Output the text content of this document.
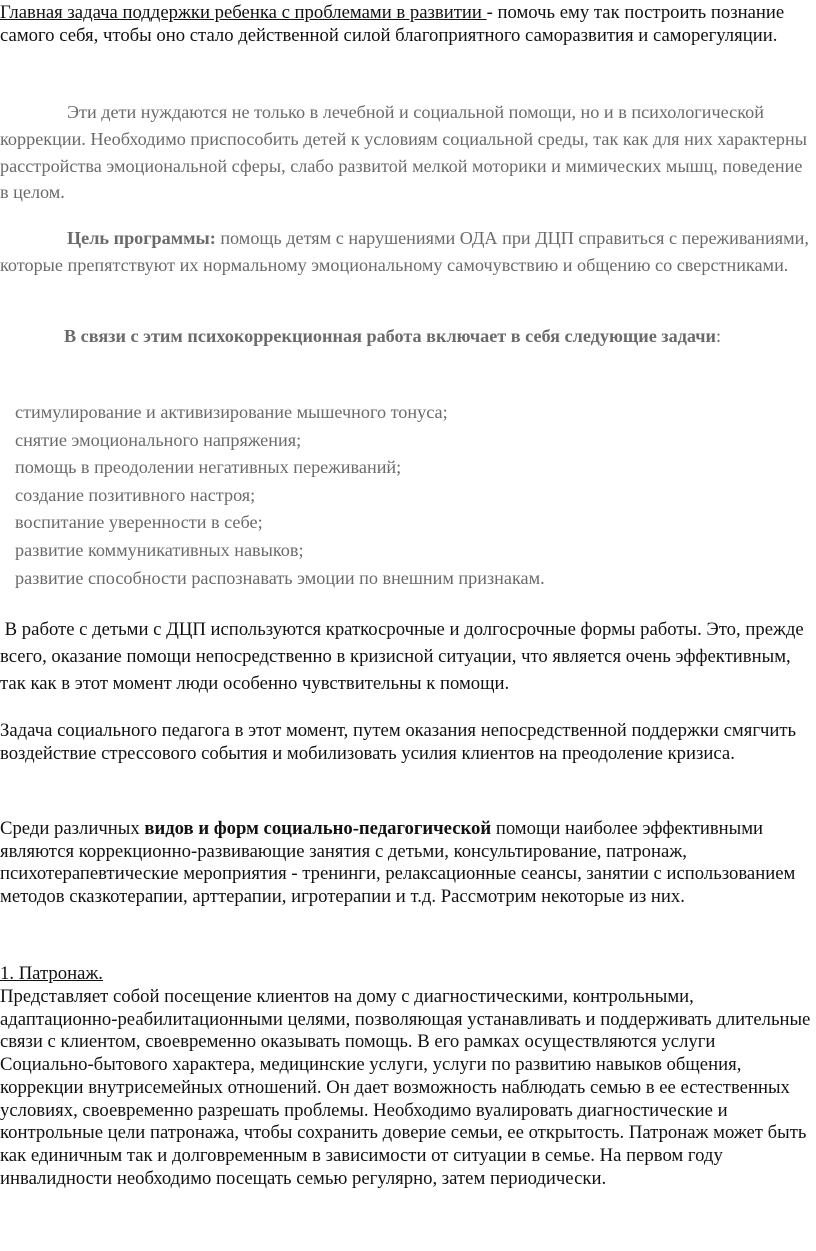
Главная задача поддержки ребенка с проблемами в развитии - помочь ему так построить познание самого себя, чтобы оно стало действенной силой благоприятного саморазвития и саморегуляции.

Эти дети нуждаются не только в лечебной и социальной помощи, но и в психологической коррекции. Необходимо приспособить детей к условиям социальной среды, так как для них характерны расстройства эмоциональной сферы, слабо развитой мелкой моторики и мимических мышц, поведение в целом.

Цель программы: помощь детям с нарушениями ОДА при ДЦП справиться с переживаниями, которые препятствуют их нормальному эмоциональному самочувствию и общению со сверстниками.

В связи с этим психокоррекционная работа включает в себя следующие задачи:

стимулирование и активизирование мышечного тонуса;
снятие эмоционального напряжения;
помощь в преодолении негативных переживаний;
создание позитивного настроя;
воспитание уверенности в себе;
развитие коммуникативных навыков;
развитие способности распознавать эмоции по внешним признакам.

В работе с детьми с ДЦП используются краткосрочные и долгосрочные формы работы. Это, прежде всего, оказание помощи непосредственно в кризисной ситуации, что является очень эффективным, так как в этот момент люди особенно чувствительны к помощи.

Задача социального педагога в этот момент, путем оказания непосредственной поддержки смягчить воздействие стрессового события и мобилизовать усилия клиентов на преодоление кризиса.

Среди различных видов и форм социально-педагогической помощи наиболее эффективными являются коррекционно-развивающие занятия с детьми, консультирование, патронаж, психотерапевтические мероприятия - тренинги, релаксационные сеансы, занятии с использованием методов сказкотерапии, арттерапии, игротерапии и т.д. Рассмотрим некоторые из них.

1. Патронаж.

Представляет собой посещение клиентов на дому с диагностическими, контрольными, адаптационно-реабилитационными целями, позволяющая устанавливать и поддерживать длительные связи с клиентом, своевременно оказывать помощь. В его рамках осуществляются услуги Социально-бытового характера, медицинские услуги, услуги по развитию навыков общения, коррекции внутрисемейных отношений. Он дает возможность наблюдать семью в ее естественных условиях, своевременно разрешать проблемы. Необходимо вуалировать диагностические и контрольные цели патронажа, чтобы сохранить доверие семьи, ее открытость. Патронаж может быть как единичным так и долговременным в зависимости от ситуации в семье. На первом году инвалидности необходимо посещать семью регулярно, затем периодически.
